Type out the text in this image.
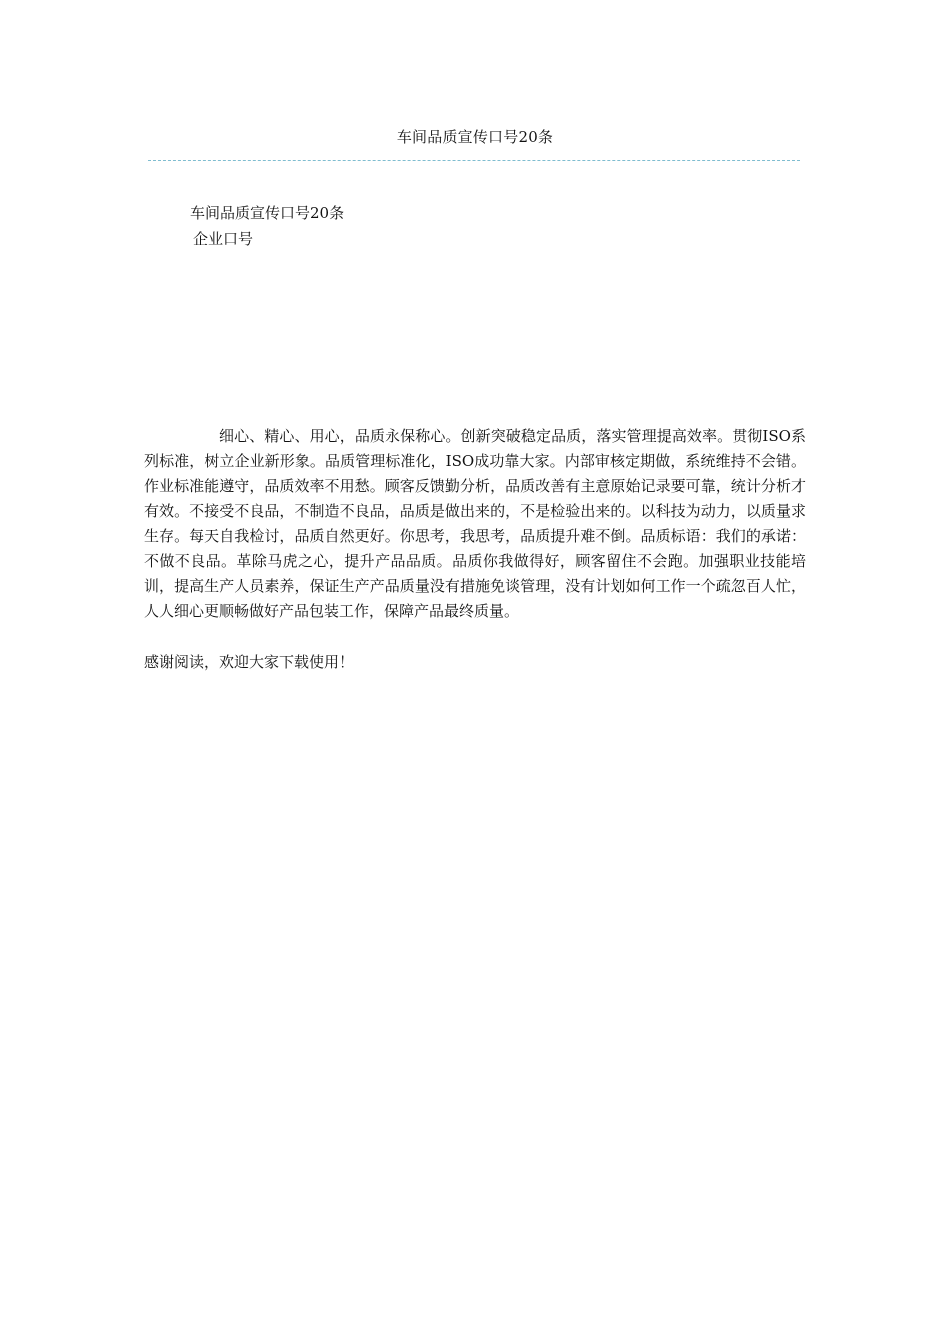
车间品质宣传口号20条
车间品质宣传口号20条
企业口号

细心、精心、用心，品质永保称心。创新突破稳定品质，落实管理提高效率。贯彻ISO系列标准，树立企业新形象。品质管理标准化，ISO成功靠大家。内部审核定期做，系统维持不会错。作业标准能遵守，品质效率不用愁。顾客反馈勤分析，品质改善有主意原始记录要可靠，统计分析才有效。不接受不良品，不制造不良品，品质是做出来的，不是检验出来的。以科技为动力，以质量求生存。每天自我检讨，品质自然更好。你思考，我思考，品质提升难不倒。品质标语：我们的承诺：不做不良品。革除马虎之心，提升产品品质。品质你我做得好，顾客留住不会跑。加强职业技能培训，提高生产人员素养，保证生产产品质量没有措施免谈管理，没有计划如何工作一个疏忽百人忙，人人细心更顺畅做好产品包装工作，保障产品最终质量。

感谢阅读，欢迎大家下载使用！
